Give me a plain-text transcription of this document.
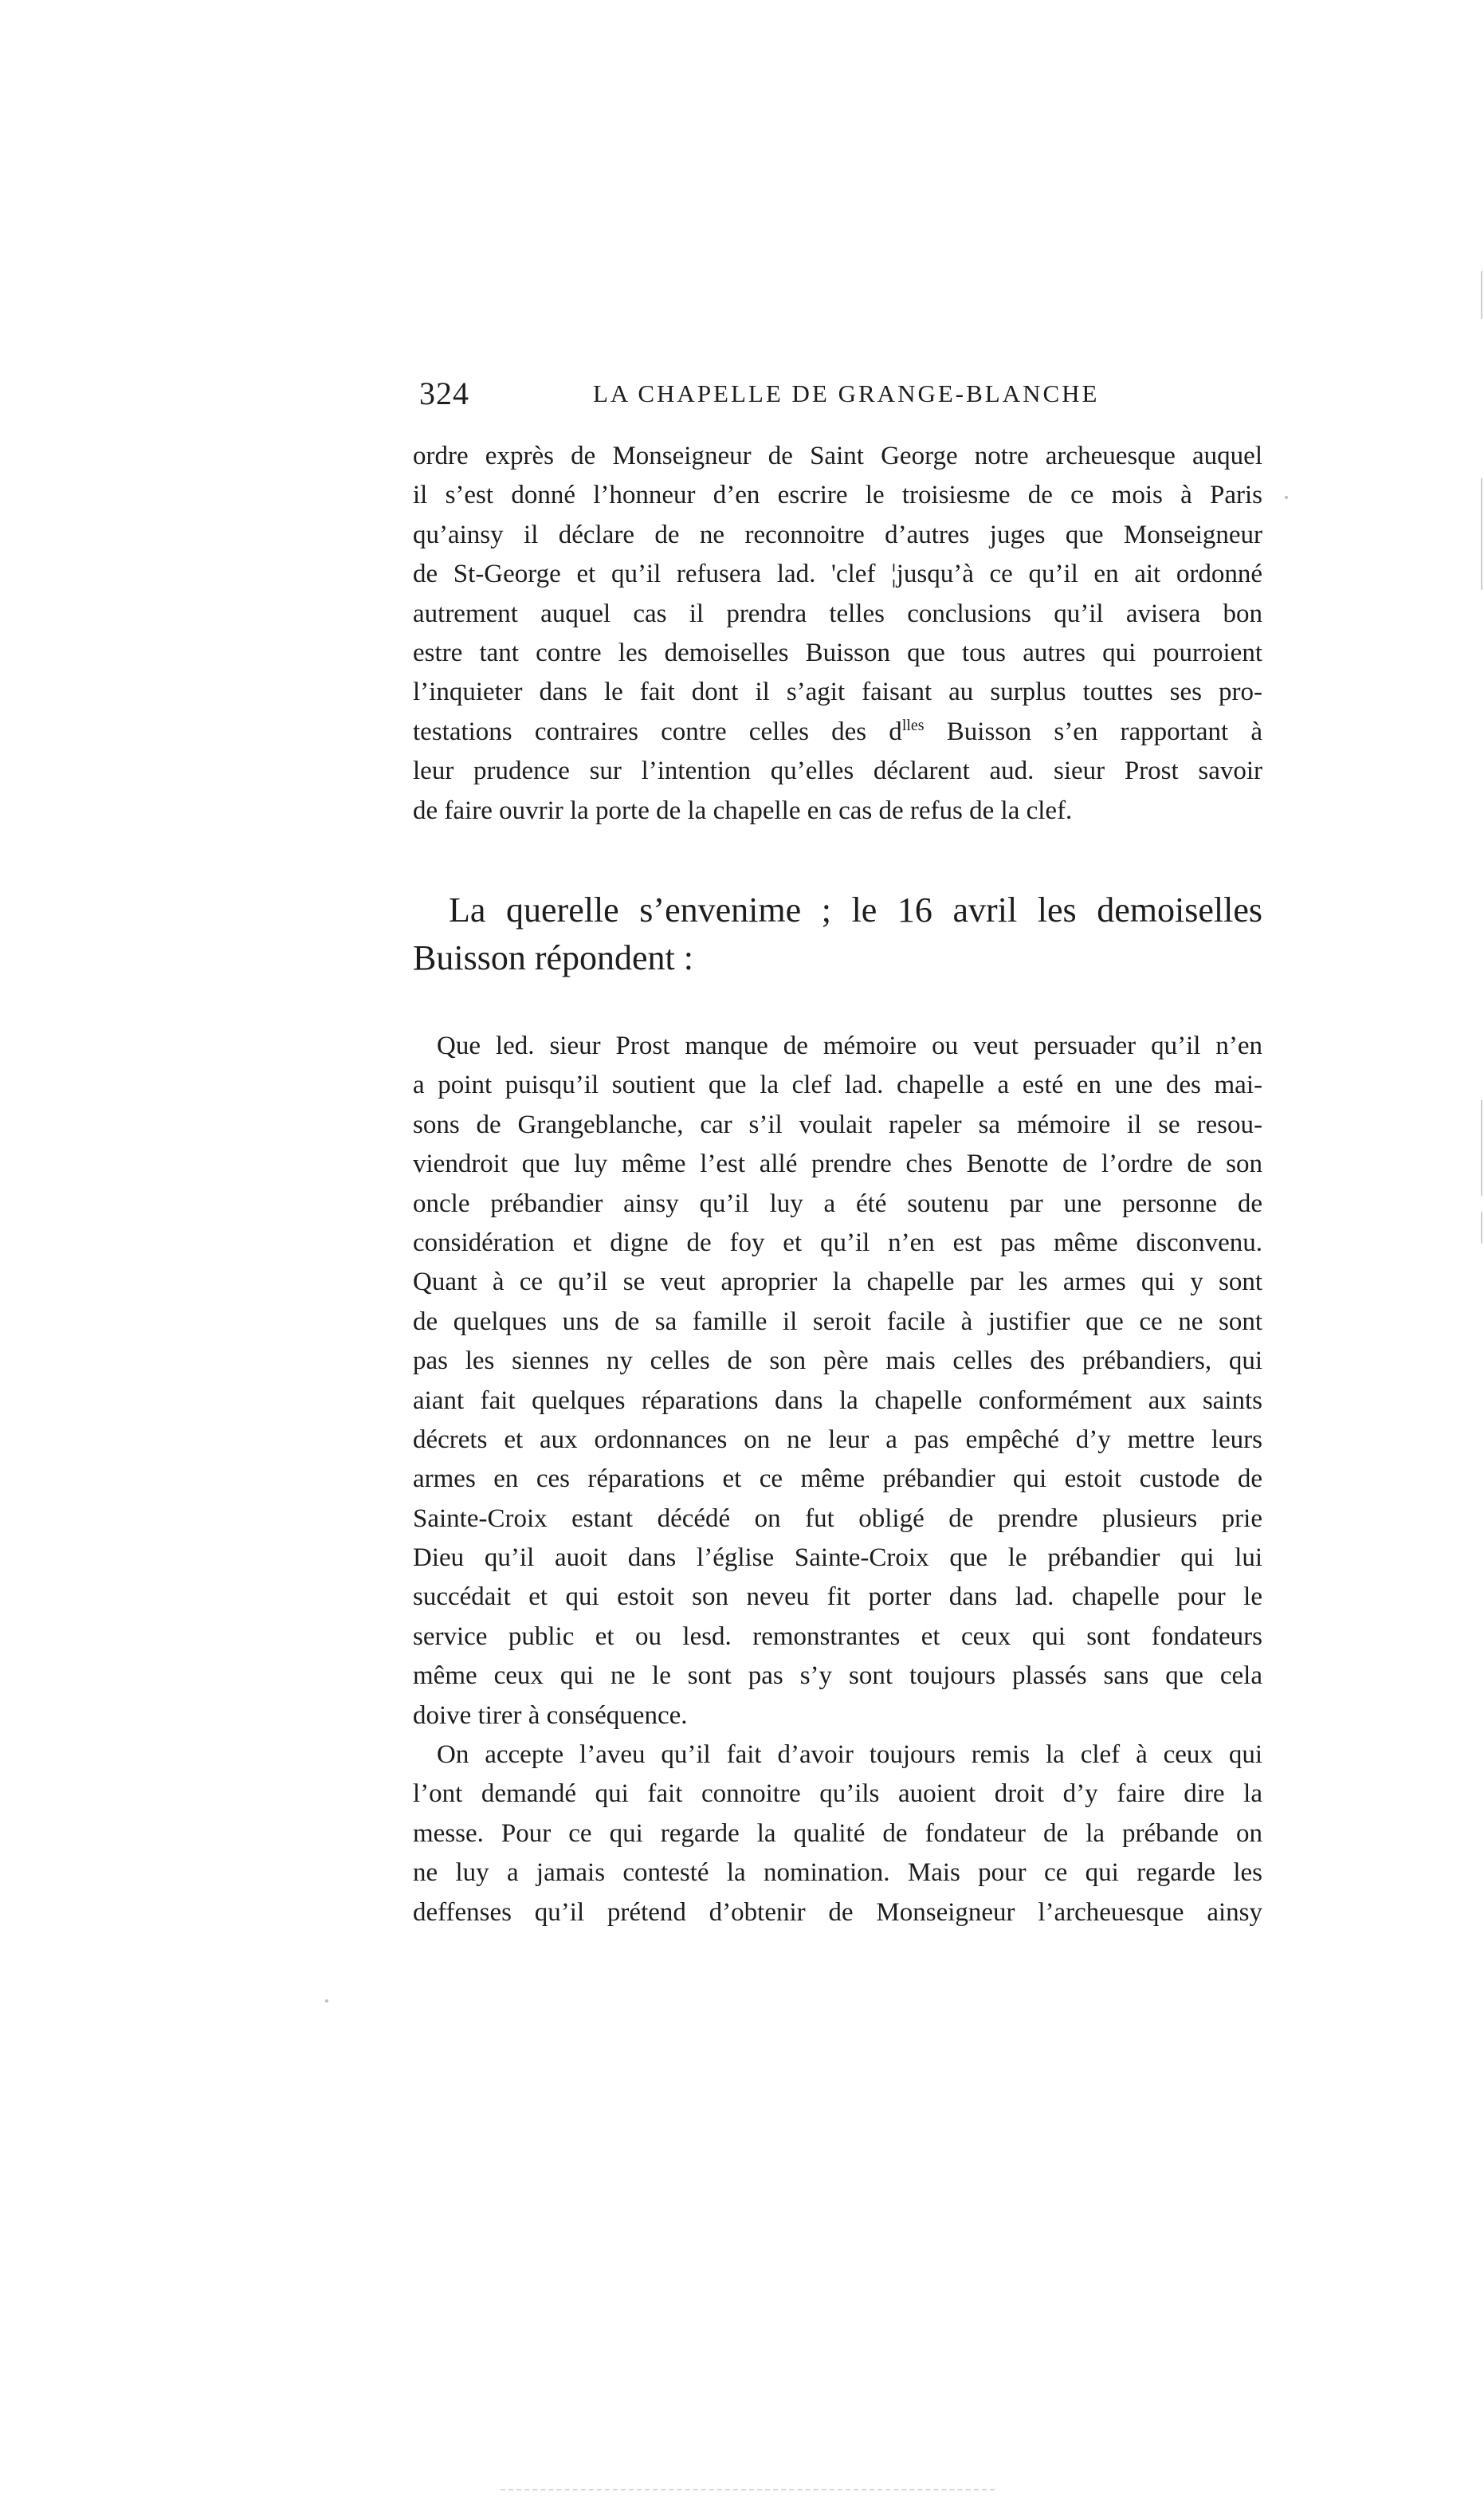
324	LA CHAPELLE DE GRANGE-BLANCHE
ordre exprès de Monseigneur de Saint George notre archeuesque auquel
il s’est donné l’honneur d’en escrire le troisiesme de ce mois à Paris
qu’ainsy il déclare de ne reconnoitre d’autres juges que Monseigneur
de St-George et qu’il refusera lad. 'clef ¦jusqu’à ce qu’il en ait ordonné
autrement auquel cas il prendra telles conclusions qu’il avisera bon
estre tant contre les demoiselles Buisson que tous autres qui pourroient
l’inquieter dans le fait dont il s’agit faisant au surplus touttes ses pro-
testations contraires contre celles des $d^{lles}$ Buisson s’en rapportant à
leur prudence sur l’intention qu’elles déclarent aud. sieur Prost savoir
de faire ouvrir la porte de la chapelle en cas de refus de la clef.
La querelle s’envenime ; le 16 avril les demoiselles
Buisson répondent :
Que led. sieur Prost manque de mémoire ou veut persuader qu’il n’en
a point puisqu’il soutient que la clef lad. chapelle a esté en une des mai-
sons de Grangeblanche, car s’il voulait rapeler sa mémoire il se resou-
viendroit que luy même l’est allé prendre ches Benotte de l’ordre de son
oncle prébandier ainsy qu’il luy a été soutenu par une personne de
considération et digne de foy et qu’il n’en est pas même disconvenu.
Quant à ce qu’il se veut aproprier la chapelle par les armes qui y sont
de quelques uns de sa famille il seroit facile à justifier que ce ne sont
pas les siennes ny celles de son père mais celles des prébandiers, qui
aiant fait quelques réparations dans la chapelle conformément aux saints
décrets et aux ordonnances on ne leur a pas empêché d’y mettre leurs
armes en ces réparations et ce même prébandier qui estoit custode de
Sainte-Croix estant décédé on fut obligé de prendre plusieurs prie
Dieu qu’il auoit dans l’église Sainte-Croix que le prébandier qui lui
succédait et qui estoit son neveu fit porter dans lad. chapelle pour le
service public et ou lesd. remonstrantes et ceux qui sont fondateurs
même ceux qui ne le sont pas s’y sont toujours plassés sans que cela
doive tirer à conséquence.
On accepte l’aveu qu’il fait d’avoir toujours remis la clef à ceux qui
l’ont demandé qui fait connoitre qu’ils auoient droit d’y faire dire la
messe. Pour ce qui regarde la qualité de fondateur de la prébande on
ne luy a jamais contesté la nomination. Mais pour ce qui regarde les
deffenses qu’il prétend d’obtenir de Monseigneur l’archeuesque ainsy
